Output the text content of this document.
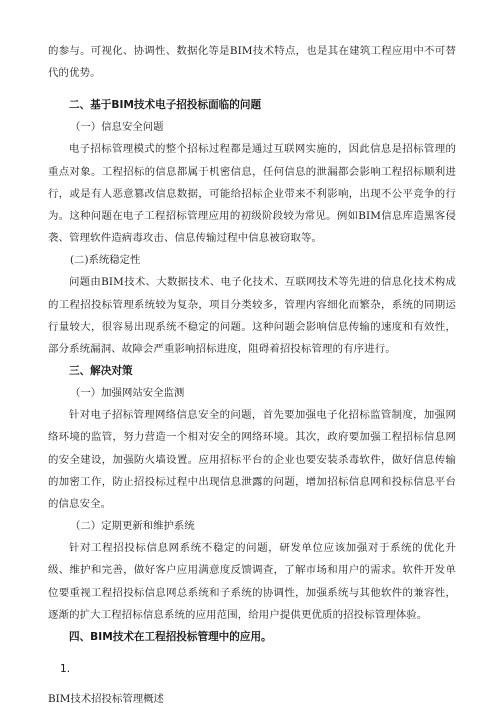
的参与。可视化、协调性、数据化等是BIM技术特点，也是其在建筑工程应用中不可替代的优势。

二、基于BIM技术电子招投标面临的问题
（一）信息安全问题

电子招标管理模式的整个招标过程都是通过互联网实施的，因此信息是招标管理的重点对象。工程招标的信息都属于机密信息，任何信息的泄漏都会影响工程招标顺利进行，或是有人恶意篡改信息数据，可能给招标企业带来不利影响，出现不公平竞争的行为。这种问题在电子工程招标管理应用的初级阶段较为常见。例如BIM信息库造黑客侵袭、管理软件造病毒攻击、信息传输过程中信息被窃取等。

(二)系统稳定性

问题由BIM技术、大数据技术、电子化技术、互联网技术等先进的信息化技术构成的工程招投标管理系统较为复杂，项目分类较多，管理内容细化而繁杂，系统的同期运行量较大，很容易出现系统不稳定的问题。这种问题会影响信息传输的速度和有效性，部分系统漏洞、故障会严重影响招标进度，阻碍着招投标管理的有序进行。

三、解决对策
（一）加强网站安全监测

针对电子招标管理网络信息安全的问题，首先要加强电子化招标监管制度，加强网络环境的监管，努力营造一个相对安全的网络环境。其次，政府要加强工程招标信息网的安全建设，加强防火墙设置。应用招标平台的企业也要安装杀毒软件，做好信息传输的加密工作，防止招投标过程中出现信息泄露的问题，增加招标信息网和投标信息平台的信息安全。

（二）定期更新和维护系统

针对工程招投标信息网系统不稳定的问题，研发单位应该加强对于系统的优化升级、维护和完善，做好客户应用满意度反馈调查，了解市场和用户的需求。软件开发单位要重视工程招投标信息网总系统和子系统的协调性，加强系统与其他软件的兼容性，逐渐的扩大工程招标信息系统的应用范围，给用户提供更优质的招投标管理体验。

四、BIM技术在工程招投标管理中的应用。
1.
BIM技术招投标管理概述
